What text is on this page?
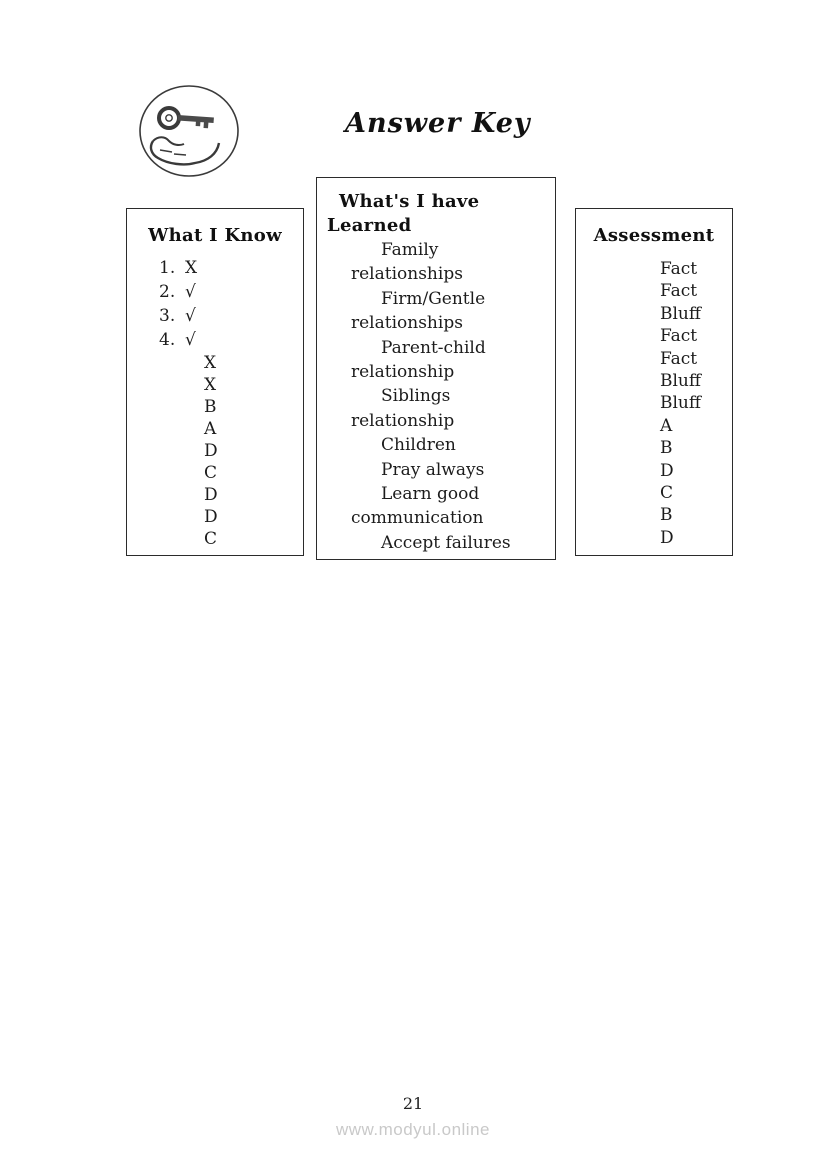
Answer Key
What I Know
1. X
2. √
3. √
4. √
X
X
B
A
D
C
D
D
C
What's I have
Learned
Family
relationships
Firm/Gentle
relationships
Parent-child
relationship
Siblings
relationship
Children
Pray always
Learn good
communication
Accept failures
Assessment
Fact
Fact
Bluff
Fact
Fact
Bluff
Bluff
A
B
D
C
B
D
21
www.modyul.online
